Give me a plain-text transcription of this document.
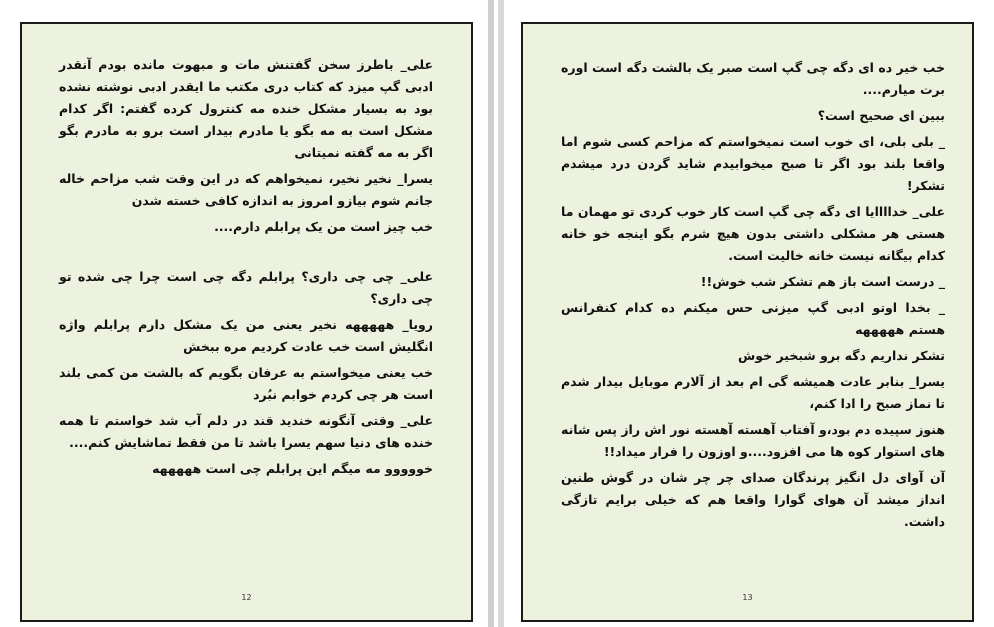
علی_ باطرز سخن گفتنش مات و مبهوت مانده بودم آنقدر ادبی گپ میزد که کتاب دری مکتب ما ایقدر ادبی نوشته نشده بود به بسیار مشکل خنده مه کنترول کرده گفتم: اگر کدام مشکل است به مه بگو یا مادرم بیدار است برو به مادرم بگو اگر به مه گفته نمیتانی

یسرا_ نخیر نخیر، نمیخواهم که در این وقت شب مزاحم خاله جانم شوم بیازو امروز به اندازه کافی خسته شدن

خب چیز است من یک پرابلم دارم....

علی_ چی چی داری؟ پرابلم دگه چی است چرا چی شده تو چی داری؟

رویا_ هههههه نخیر یعنی من یک مشکل دارم پرابلم واژه انگلیش است خب عادت کردیم مره ببخش

خب یعنی میخواستم به عرفان بگویم که بالشت من کمی بلند است هر چی کردم خوابم نبُرد

علی_ وقتی آنگونه خندید قند در دلم آب شد خواستم تا همه خنده های دنیا سهم یسرا باشد تا من فقط تماشایش کنم....

خووووو مه میگم این پرابلم چی است هههههه

12

خب خیر ده ای دگه چی گپ است صبر یک بالشت دگه است اوره برت میارم....

ببین ای صحیح است؟

_ بلی بلی، ای خوب است نمیخواستم که مزاحم کسی شوم اما واقعا بلند بود اگر تا صبح میخوابیدم شاید گردن درد میشدم تشکر!

علی_ خداااایا ای دگه چی گپ است کار خوب کردی تو مهمان ما هستی هر مشکلی داشتی بدون هیچ شرم بگو اینجه خو خانه کدام بیگانه نیست خانه خالیت است.

_ درست است باز هم تشکر شب خوش!!

_ بخدا اوتو ادبی گپ میزنی حس میکنم ده کدام کنفرانس هستم هههههه

تشکر نداریم دگه برو شبخیر خوش

یسرا_ بنابر عادت همیشه گی ام بعد از آلارم موبایل بیدار شدم تا نماز صبح را ادا کنم،

هنوز سپیده دم بود،و آفتاب آهسته آهسته نور اش راز پس شانه های استوار کوه ها می افزود....و اوزون را فرار میداد!!

آن آوای دل انگیز پرندگان صدای چر چر شان در گوش طنین انداز میشد آن هوای گوارا واقعا هم که خیلی برایم تازگی داشت.

13
